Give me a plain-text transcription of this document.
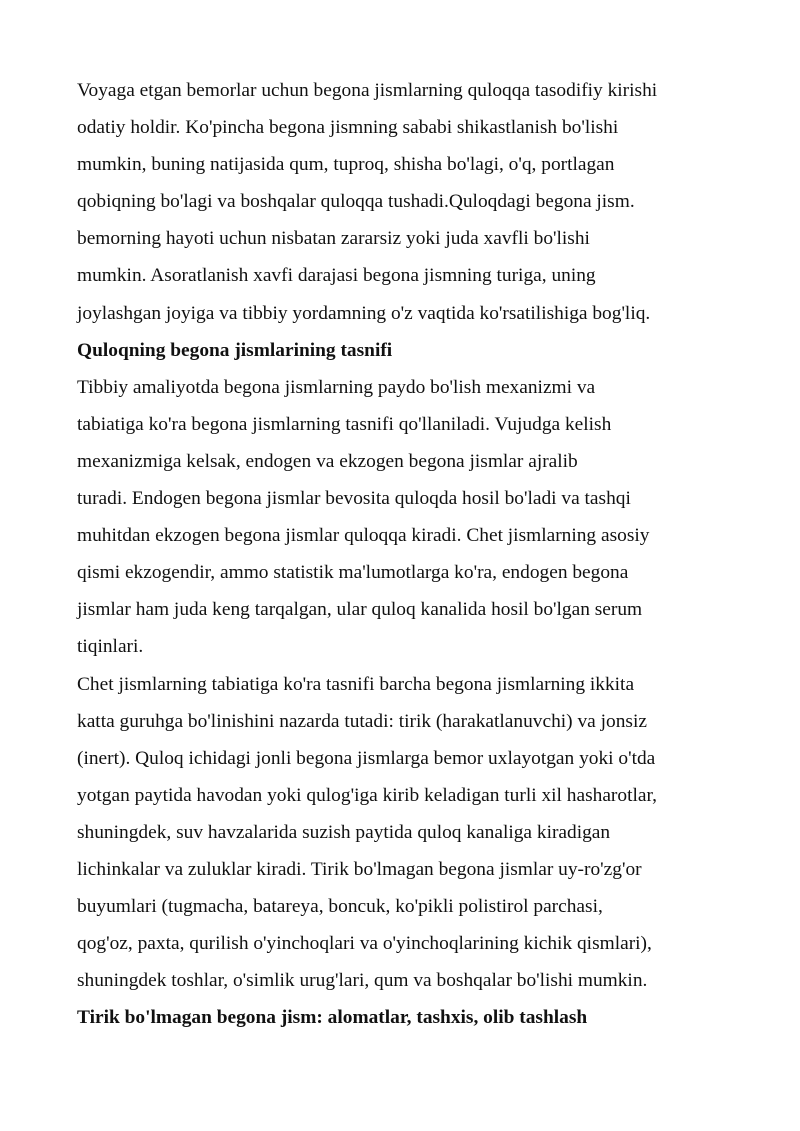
Voyaga etgan bemorlar uchun begona jismlarning quloqqa tasodifiy kirishi
odatiy holdir. Ko'pincha begona jismning sababi shikastlanish bo'lishi
mumkin, buning natijasida qum, tuproq, shisha bo'lagi, o'q, portlagan
qobiqning bo'lagi va boshqalar quloqqa tushadi.Quloqdagi begona jism.
bemorning hayoti uchun nisbatan zararsiz yoki juda xavfli bo'lishi
mumkin. Asoratlanish xavfi darajasi begona jismning turiga, uning
joylashgan joyiga va tibbiy yordamning o'z vaqtida ko'rsatilishiga bog'liq.
Quloqning begona jismlarining tasnifi
Tibbiy amaliyotda begona jismlarning paydo bo'lish mexanizmi va
tabiatiga ko'ra begona jismlarning tasnifi qo'llaniladi. Vujudga kelish
mexanizmiga kelsak, endogen va ekzogen begona jismlar ajralib
turadi. Endogen begona jismlar bevosita quloqda hosil bo'ladi va tashqi
muhitdan ekzogen begona jismlar quloqqa kiradi. Chet jismlarning asosiy
qismi ekzogendir, ammo statistik ma'lumotlarga ko'ra, endogen begona
jismlar ham juda keng tarqalgan, ular quloq kanalida hosil bo'lgan serum
tiqinlari.
Chet jismlarning tabiatiga ko'ra tasnifi barcha begona jismlarning ikkita
katta guruhga bo'linishini nazarda tutadi: tirik (harakatlanuvchi) va jonsiz
(inert). Quloq ichidagi jonli begona jismlarga bemor uxlayotgan yoki o'tda
yotgan paytida havodan yoki qulog'iga kirib keladigan turli xil hasharotlar,
shuningdek, suv havzalarida suzish paytida quloq kanaliga kiradigan
lichinkalar va zuluklar kiradi. Tirik bo'lmagan begona jismlar uy-ro'zg'or
buyumlari (tugmacha, batareya, boncuk, ko'pikli polistirol parchasi,
qog'oz, paxta, qurilish o'yinchoqlari va o'yinchoqlarining kichik qismlari),
shuningdek toshlar, o'simlik urug'lari, qum va boshqalar bo'lishi mumkin.
Tirik bo'lmagan begona jism: alomatlar, tashxis, olib tashlash
